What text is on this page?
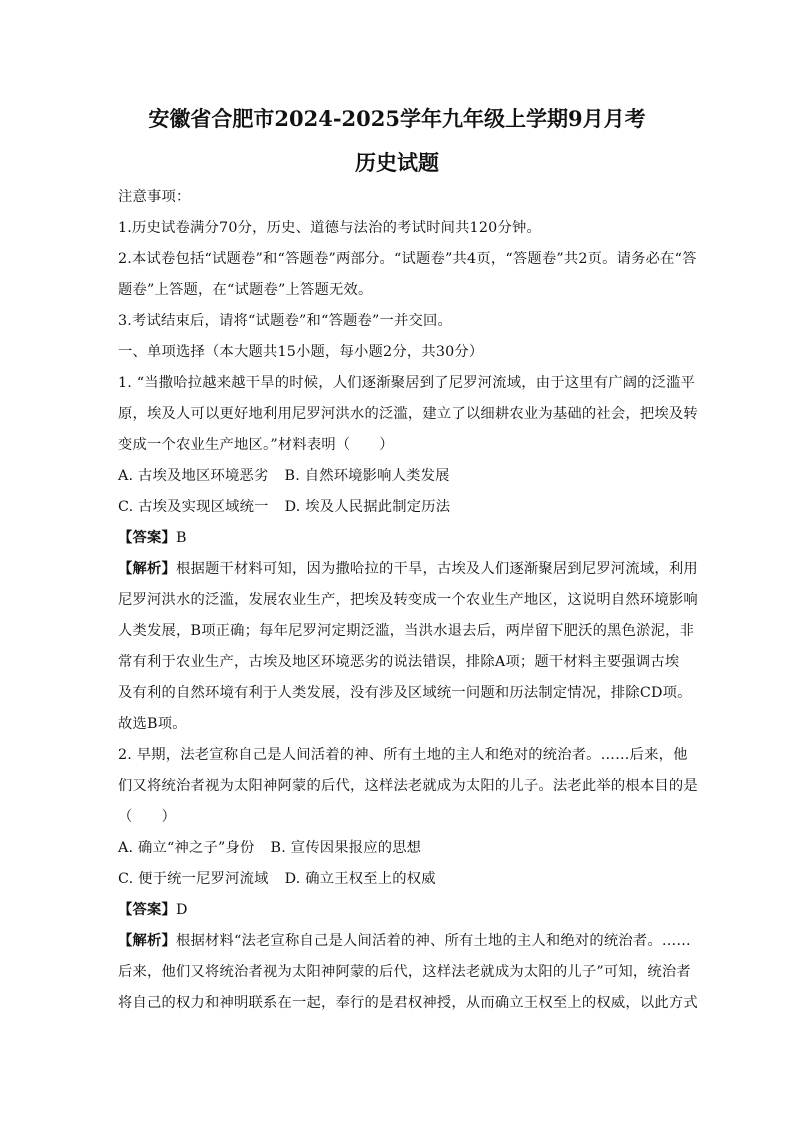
安徽省合肥市2024-2025学年九年级上学期9月月考
历史试题
注意事项：
1.历史试卷满分70分，历史、道德与法治的考试时间共120分钟。
2.本试卷包括“试题卷”和“答题卷”两部分。“试题卷”共4页，“答题卷”共2页。请务必在“答
题卷”上答题，在“试题卷”上答题无效。
3.考试结束后，请将“试题卷”和“答题卷”一并交回。
一、单项选择（本大题共15小题，每小题2分，共30分）
1. “当撒哈拉越来越干旱的时候，人们逐渐聚居到了尼罗河流域，由于这里有广阔的泛滥平
原，埃及人可以更好地利用尼罗河洪水的泛滥，建立了以细耕农业为基础的社会，把埃及转
变成一个农业生产地区。”材料表明（　　）
A. 古埃及地区环境恶劣 B. 自然环境影响人类发展
C. 古埃及实现区域统一 D. 埃及人民据此制定历法
【答案】B
【解析】根据题干材料可知，因为撒哈拉的干旱，古埃及人们逐渐聚居到尼罗河流域，利用
尼罗河洪水的泛滥，发展农业生产，把埃及转变成一个农业生产地区，这说明自然环境影响
人类发展，B项正确；每年尼罗河定期泛滥，当洪水退去后，两岸留下肥沃的黑色淤泥，非
常有利于农业生产，古埃及地区环境恶劣的说法错误，排除A项；题干材料主要强调古埃
及有利的自然环境有利于人类发展，没有涉及区域统一问题和历法制定情况，排除CD项。
故选B项。
2. 早期，法老宣称自己是人间活着的神、所有土地的主人和绝对的统治者。……后来，他
们又将统治者视为太阳神阿蒙的后代，这样法老就成为太阳的儿子。法老此举的根本目的是
（　　）
A. 确立“神之子”身份 B. 宣传因果报应的思想
C. 便于统一尼罗河流域 D. 确立王权至上的权威
【答案】D
【解析】根据材料“法老宣称自己是人间活着的神、所有土地的主人和绝对的统治者。……
后来，他们又将统治者视为太阳神阿蒙的后代，这样法老就成为太阳的儿子”可知，统治者
将自己的权力和神明联系在一起，奉行的是君权神授，从而确立王权至上的权威，以此方式
